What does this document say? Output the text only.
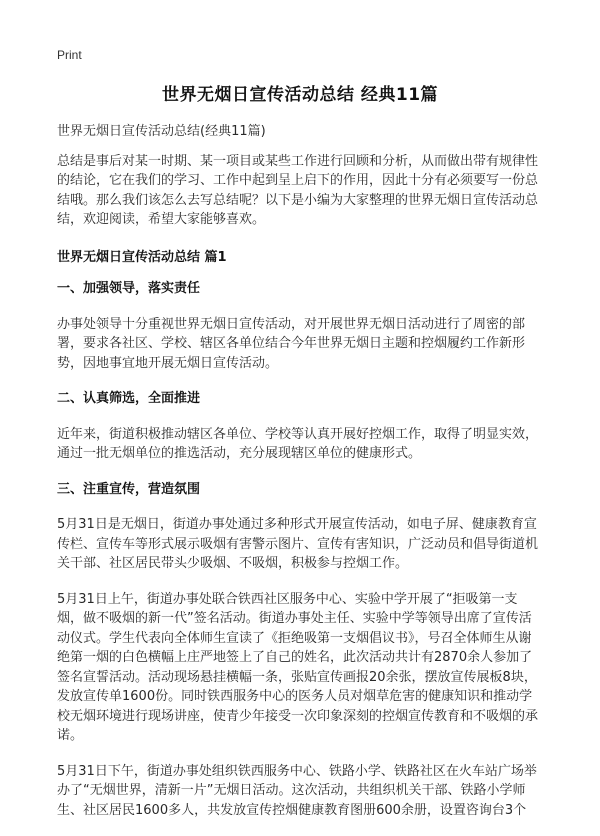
Print
世界无烟日宣传活动总结 经典11篇

世界无烟日宣传活动总结(经典11篇)

总结是事后对某一时期、某一项目或某些工作进行回顾和分析，从而做出带有规律性的结论，它在我们的学习、工作中起到呈上启下的作用，因此十分有必须要写一份总结哦。那么我们该怎么去写总结呢？以下是小编为大家整理的世界无烟日宣传活动总结，欢迎阅读，希望大家能够喜欢。

世界无烟日宣传活动总结 篇1

一、加强领导，落实责任

办事处领导十分重视世界无烟日宣传活动，对开展世界无烟日活动进行了周密的部署，要求各社区、学校、辖区各单位结合今年世界无烟日主题和控烟履约工作新形势，因地事宜地开展无烟日宣传活动。

二、认真筛选，全面推进

近年来，街道积极推动辖区各单位、学校等认真开展好控烟工作，取得了明显实效，通过一批无烟单位的推选活动，充分展现辖区单位的健康形式。

三、注重宣传，营造氛围

5月31日是无烟日，街道办事处通过多种形式开展宣传活动，如电子屏、健康教育宣传栏、宣传车等形式展示吸烟有害警示图片、宣传有害知识，广泛动员和倡导街道机关干部、社区居民带头少吸烟、不吸烟，积极参与控烟工作。

5月31日上午，街道办事处联合铁西社区服务中心、实验中学开展了“拒吸第一支烟，做不吸烟的新一代”签名活动。街道办事处主任、实验中学等领导出席了宣传活动仪式。学生代表向全体师生宣读了《拒绝吸第一支烟倡议书》，号召全体师生从谢绝第一烟的白色横幅上庄严地签上了自己的姓名，此次活动共计有2870余人参加了签名宣誓活动。活动现场悬挂横幅一条，张贴宣传画报20余张，摆放宣传展板8块，发放宣传单1600份。同时铁西服务中心的医务人员对烟草危害的健康知识和推动学校无烟环境进行现场讲座，使青少年接受一次印象深刻的控烟宣传教育和不吸烟的承诺。

5月31日下午，街道办事处组织铁西服务中心、铁路小学、铁路社区在火车站广场举办了“无烟世界，清新一片”无烟日活动。这次活动，共组织机关干部、铁路小学师生、社区居民1600多人，共发放宣传控烟健康教育图册600余册，设置咨询台3个
